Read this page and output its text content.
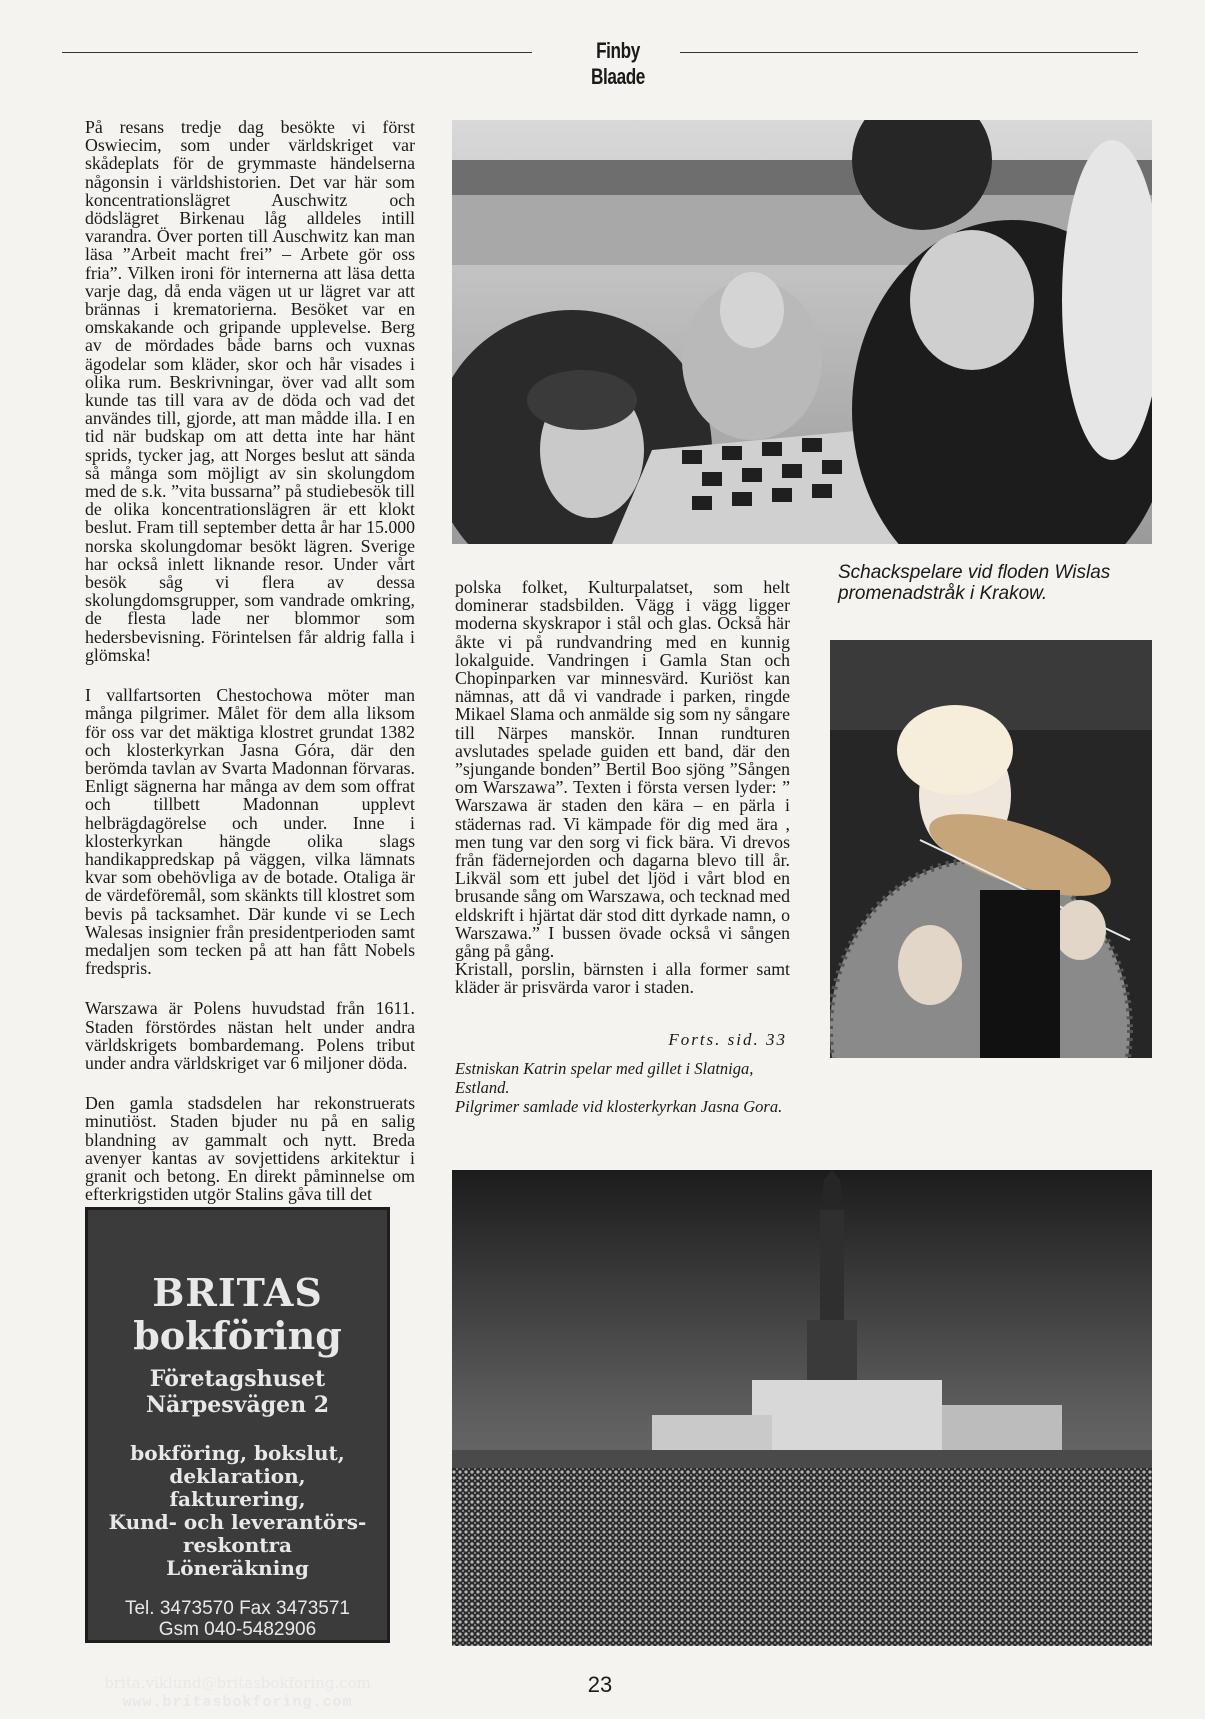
Finby Blaade

På resans tredje dag besökte vi först Oswiecim, som under världskriget var skådeplats för de grymmaste händelserna någonsin i världshistorien. Det var här som koncentrationslägret Auschwitz och dödslägret Birkenau låg alldeles intill varandra. Över porten till Auschwitz kan man läsa ”Arbeit macht frei” – Arbete gör oss fria”. Vilken ironi för internerna att läsa detta varje dag, då enda vägen ut ur lägret var att brännas i krematorierna. Besöket var en omskakande och gripande upplevelse. Berg av de mördades både barns och vuxnas ägodelar som kläder, skor och hår visades i olika rum. Beskrivningar, över vad allt som kunde tas till vara av de döda och vad det användes till, gjorde, att man mådde illa. I en tid när budskap om att detta inte har hänt sprids, tycker jag, att Norges beslut att sända så många som möjligt av sin skolungdom med de s.k. ”vita bussarna” på studiebesök till de olika koncentrationslägren är ett klokt beslut. Fram till september detta år har 15.000 norska skolungdomar besökt lägren. Sverige har också inlett liknande resor. Under vårt besök såg vi flera av dessa skolungdomsgrupper, som vandrade omkring, de flesta lade ner blommor som hedersbevisning. Förintelsen får aldrig falla i glömska!

I vallfartsorten Chestochowa möter man många pilgrimer. Målet för dem alla liksom för oss var det mäktiga klostret grundat 1382 och klosterkyrkan Jasna Góra, där den berömda tavlan av Svarta Madonnan förvaras. Enligt sägnerna har många av dem som offrat och tillbett Madonnan upplevt helbrägdagörelse och under. Inne i klosterkyrkan hängde olika slags handikappredskap på väggen, vilka lämnats kvar som obehövliga av de botade. Otaliga är de värdeföremål, som skänkts till klostret som bevis på tacksamhet. Där kunde vi se Lech Walesas insignier från presidentperioden samt medaljen som tecken på att han fått Nobels fredspris.

Warszawa är Polens huvudstad från 1611. Staden förstördes nästan helt under andra världskrigets bombardemang. Polens tribut under andra världskriget var 6 miljoner döda.

Den gamla stadsdelen har rekonstruerats minutiöst. Staden bjuder nu på en salig blandning av gammalt och nytt. Breda avenyer kantas av sovjettidens arkitektur i granit och betong. En direkt påminnelse om efterkrigstiden utgör Stalins gåva till det

Schackspelare vid floden Wislas promenadstråk i Krakow.

polska folket, Kulturpalatset, som helt dominerar stadsbilden. Vägg i vägg ligger moderna skyskrapor i stål och glas. Också här åkte vi på rundvandring med en kunnig lokalguide. Vandringen i Gamla Stan och Chopinparken var minnesvärd. Kuriöst kan nämnas, att då vi vandrade i parken, ringde Mikael Slama och anmälde sig som ny sångare till Närpes manskör. Innan rundturen avslutades spelade guiden ett band, där den ”sjungande bonden” Bertil Boo sjöng ”Sången om Warszawa”. Texten i första versen lyder: ” Warszawa är staden den kära – en pärla i städernas rad. Vi kämpade för dig med ära , men tung var den sorg vi fick bära. Vi drevos från fädernejorden och dagarna blevo till år. Likväl som ett jubel det ljöd i vårt blod en brusande sång om Warszawa, och tecknad med eldskrift i hjärtat där stod ditt dyrkade namn, o Warszawa.” I bussen övade också vi sången gång på gång.

Kristall, porslin, bärnsten i alla former samt kläder är prisvärda varor i staden.

Forts. sid. 33
Estniskan Katrin spelar med gillet i Slatniga, Estland.
Pilgrimer samlade vid klosterkyrkan Jasna Gora.
BRITAS
bokföring
Företagshuset
Närpesvägen 2
bokföring, bokslut,
deklaration,
fakturering,
Kund- och leverantörs-
reskontra
Löneräkning
Tel. 3473570 Fax 3473571
Gsm 040-5482906
brita.viklund@britasbokforing.com
www.britasbokforing.com
23
